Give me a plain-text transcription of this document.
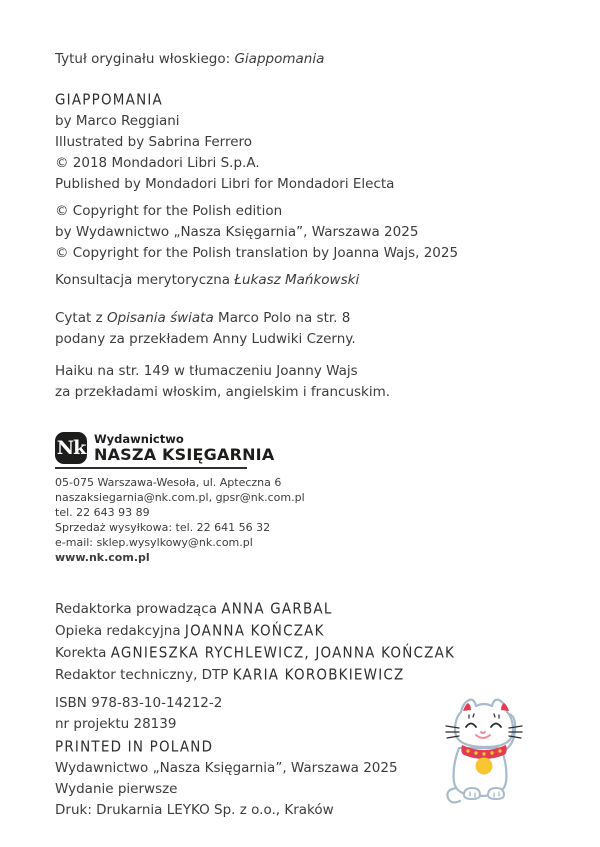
Tytuł oryginału włoskiego: Giappomania
GIAPPOMANIA
by Marco Reggiani
Illustrated by Sabrina Ferrero
© 2018 Mondadori Libri S.p.A.
Published by Mondadori Libri for Mondadori Electa
© Copyright for the Polish edition
by Wydawnictwo „Nasza Księgarnia”, Warszawa 2025
© Copyright for the Polish translation by Joanna Wajs, 2025
Konsultacja merytoryczna Łukasz Mańkowski
Cytat z Opisania świata Marco Polo na str. 8
podany za przekładem Anny Ludwiki Czerny.
Haiku na str. 149 w tłumaczeniu Joanny Wajs
za przekładami włoskim, angielskim i francuskim.
Nk Wydawnictwo
NASZA KSIĘGARNIA
05-075 Warszawa-Wesoła, ul. Apteczna 6
naszaksiegarnia@nk.com.pl, gpsr@nk.com.pl
tel. 22 643 93 89
Sprzedaż wysyłkowa: tel. 22 641 56 32
e-mail: sklep.wysylkowy@nk.com.pl
www.nk.com.pl
Redaktorka prowadząca ANNA GARBAL
Opieka redakcyjna JOANNA KOŃCZAK
Korekta AGNIESZKA RYCHLEWICZ, JOANNA KOŃCZAK
Redaktor techniczny, DTP KARIA KOROBKIEWICZ
ISBN 978-83-10-14212-2
nr projektu 28139
PRINTED IN POLAND
Wydawnictwo „Nasza Księgarnia”, Warszawa 2025
Wydanie pierwsze
Druk: Drukarnia LEYKO Sp. z o.o., Kraków
